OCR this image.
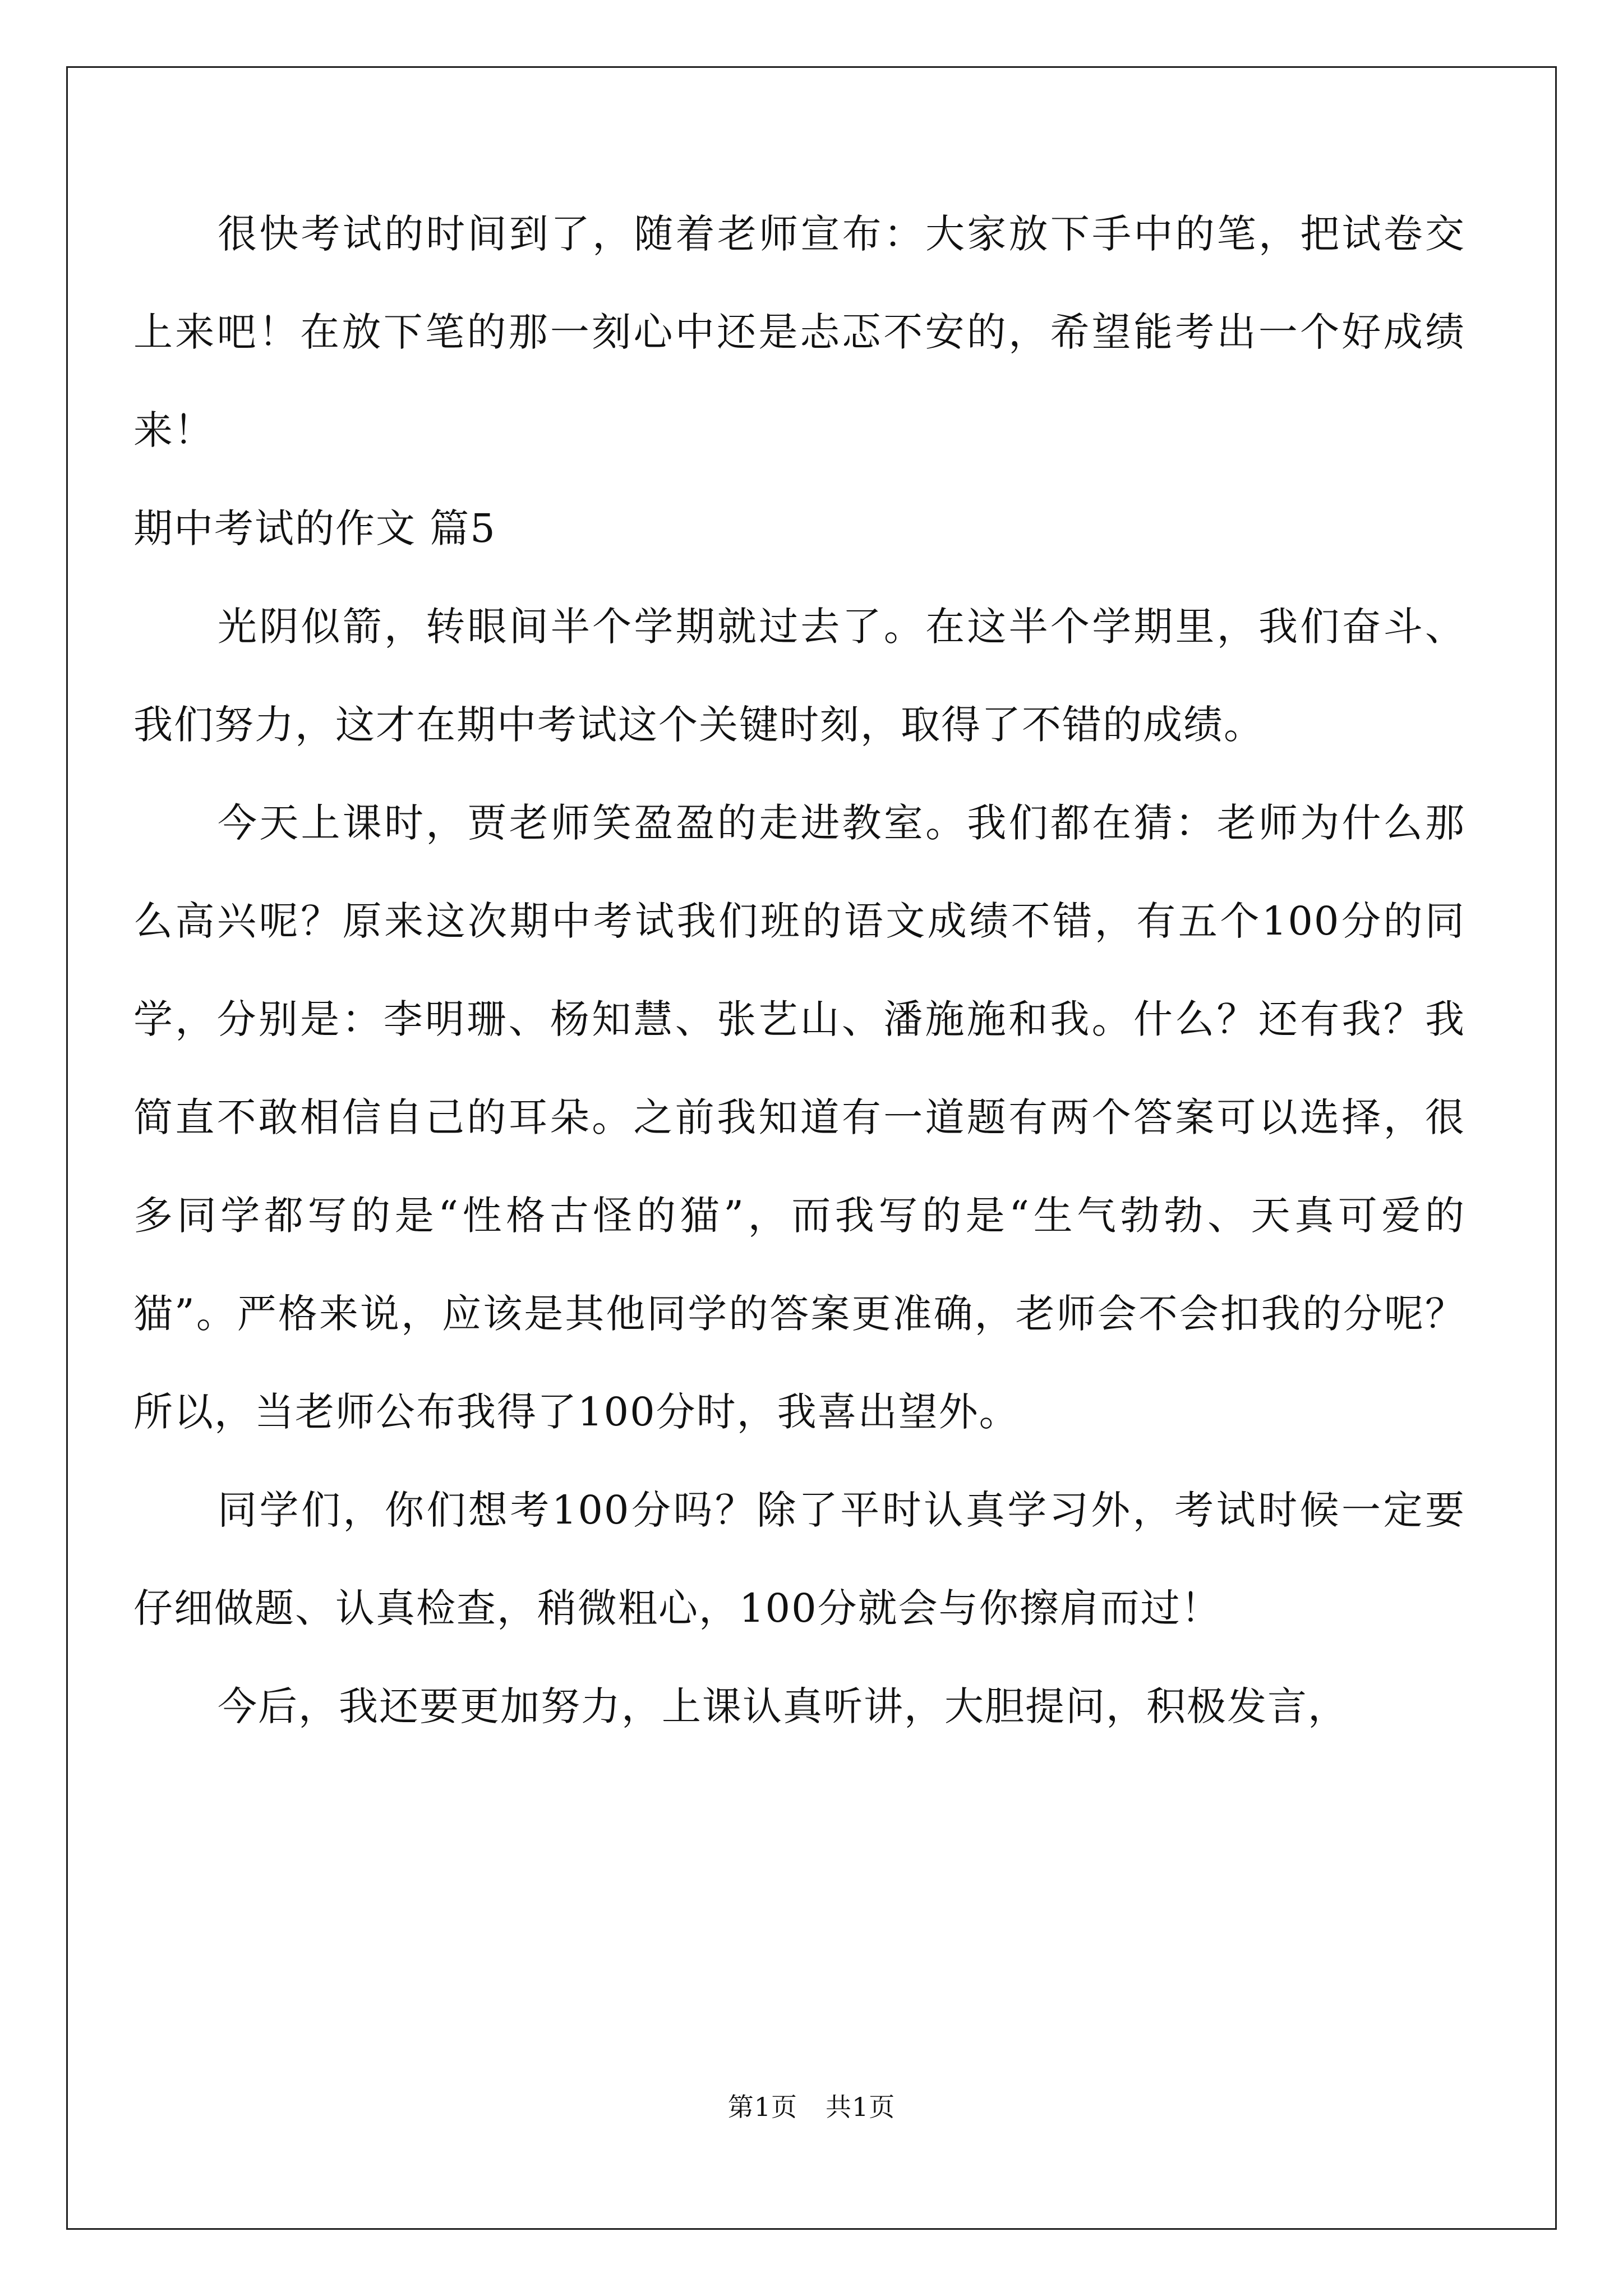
很快考试的时间到了，随着老师宣布：大家放下手中的笔，把试卷交上来吧！在放下笔的那一刻心中还是忐忑不安的，希望能考出一个好成绩来！

期中考试的作文 篇5

光阴似箭，转眼间半个学期就过去了。在这半个学期里，我们奋斗、我们努力，这才在期中考试这个关键时刻，取得了不错的成绩。

今天上课时，贾老师笑盈盈的走进教室。我们都在猜：老师为什么那么高兴呢？原来这次期中考试我们班的语文成绩不错，有五个100分的同学，分别是：李明珊、杨知慧、张艺山、潘施施和我。什么？还有我？我简直不敢相信自己的耳朵。之前我知道有一道题有两个答案可以选择，很多同学都写的是“性格古怪的猫”，而我写的是“生气勃勃、天真可爱的猫”。严格来说，应该是其他同学的答案更准确，老师会不会扣我的分呢？所以，当老师公布我得了100分时，我喜出望外。

同学们，你们想考100分吗？除了平时认真学习外，考试时候一定要仔细做题、认真检查，稍微粗心，100分就会与你擦肩而过！

今后，我还要更加努力，上课认真听讲，大胆提问，积极发言，

第1页 共1页
